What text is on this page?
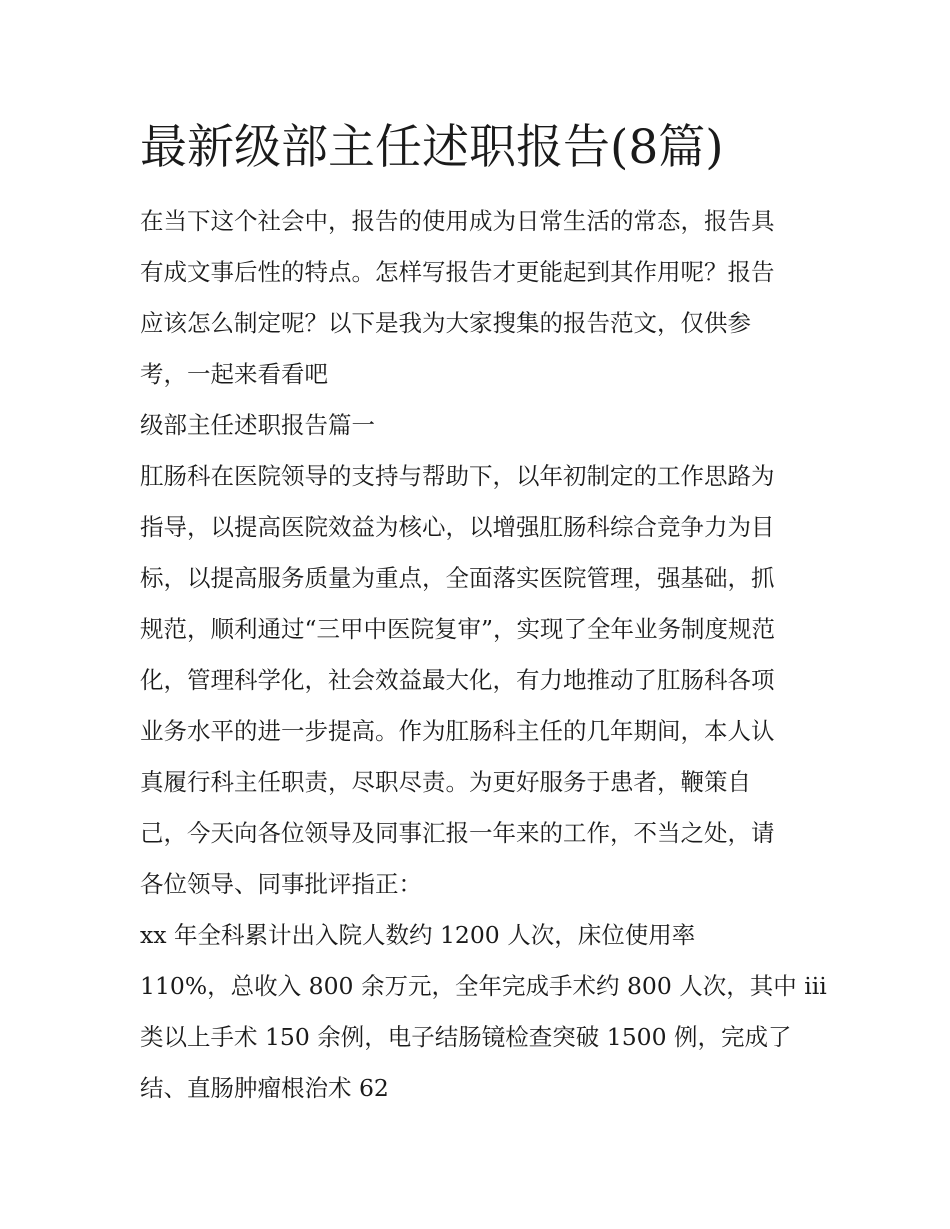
最新级部主任述职报告(8篇)

在当下这个社会中，报告的使用成为日常生活的常态，报告具

有成文事后性的特点。怎样写报告才更能起到其作用呢？报告

应该怎么制定呢？以下是我为大家搜集的报告范文，仅供参

考，一起来看看吧

级部主任述职报告篇一

肛肠科在医院领导的支持与帮助下，以年初制定的工作思路为

指导，以提高医院效益为核心，以增强肛肠科综合竞争力为目

标，以提高服务质量为重点，全面落实医院管理，强基础，抓

规范，顺利通过“三甲中医院复审”，实现了全年业务制度规范

化，管理科学化，社会效益最大化，有力地推动了肛肠科各项

业务水平的进一步提高。作为肛肠科主任的几年期间，本人认

真履行科主任职责，尽职尽责。为更好服务于患者，鞭策自

己，今天向各位领导及同事汇报一年来的工作，不当之处，请

各位领导、同事批评指正：

xx 年全科累计出入院人数约 1200 人次，床位使用率

110%，总收入 800 余万元，全年完成手术约 800 人次，其中 iii

类以上手术 150 余例，电子结肠镜检查突破 1500 例，完成了

结、直肠肿瘤根治术 62
